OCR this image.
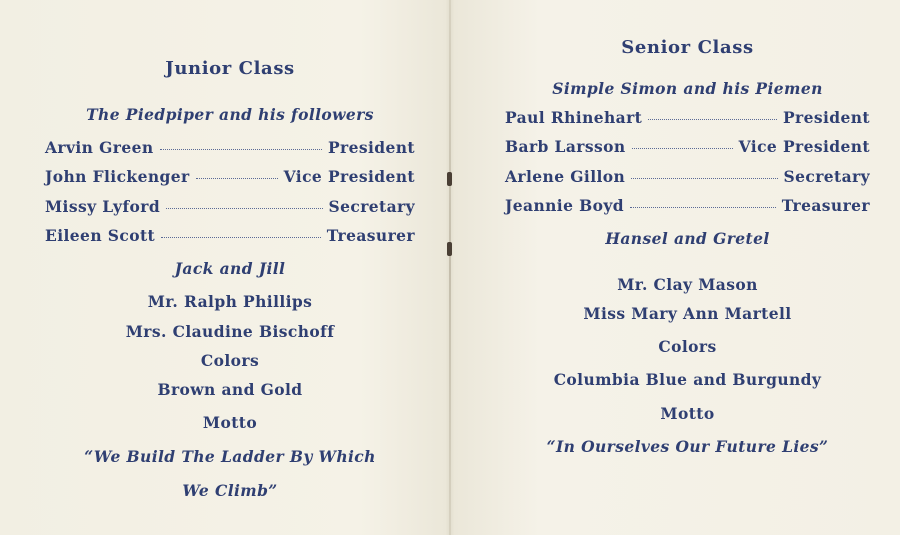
Junior Class
The Piedpiper and his followers
Arvin Green	President
John Flickenger	Vice President
Missy Lyford	Secretary
Eileen Scott	Treasurer
Jack and Jill
Mr. Ralph Phillips
Mrs. Claudine Bischoff
Colors
Brown and Gold
Motto
“We Build The Ladder By Which
We Climb”
Senior Class
Simple Simon and his Piemen
Paul Rhinehart	President
Barb Larsson	Vice President
Arlene Gillon	Secretary
Jeannie Boyd	Treasurer
Hansel and Gretel
Mr. Clay Mason
Miss Mary Ann Martell
Colors
Columbia Blue and Burgundy
Motto
“In Ourselves Our Future Lies”
